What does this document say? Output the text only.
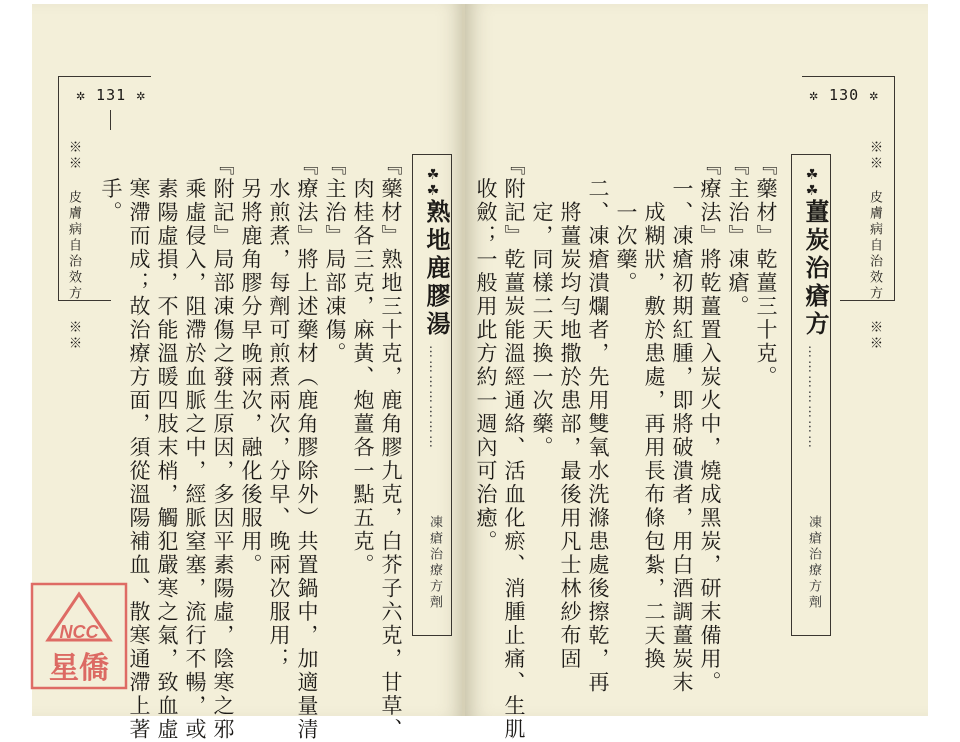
✲ 131 ✲
※※ 皮膚病自治效方 ※※	『藥材』熟地三十克，鹿角膠九克，白芥子六克，甘草、
　肉桂各三克，麻黃、炮薑各一點五克。
『主治』局部凍傷。
『療法』將上述藥材（鹿角膠除外）共置鍋中，加適量清
　水煎煮，每劑可煎煮兩次，分早、晚兩次服用；
　另將鹿角膠分早晚兩次，融化後服用。
『附記』局部凍傷之發生原因，多因平素陽虛，陰寒之邪
　乘虛侵入，阻滯於血脈之中，經脈窒塞，流行不暢，或
　素陽虛損，不能溫暖四肢末梢，觸犯嚴寒之氣，致血虛
　寒滯而成；故治療方面，須從溫陽補血、散寒通滯上著
　手。	☘☘
熟地鹿膠湯
…………………
凍瘡治療方劑
✲ 130 ✲
※※ 皮膚病自治效方 ※※
☘☘
薑炭治瘡方
…………………
凍瘡治療方劑
『藥材』乾薑三十克。
『主治』凍瘡。
『療法』將乾薑置入炭火中，燒成黑炭，研末備用。
　一、凍瘡初期紅腫，即將破潰者，用白酒調薑炭末
　　成糊狀，敷於患處，再用長布條包紮，二天換
　　一次藥。
　二、凍瘡潰爛者，先用雙氧水洗滌患處後擦乾，再
　　將薑炭均勻地撒於患部，最後用凡士林紗布固
　　定，同樣二天換一次藥。
『附記』乾薑炭能溫經通絡、活血化瘀、消腫止痛、生肌
　收斂；一般用此方約一週內可治癒。
NCC
星僑
